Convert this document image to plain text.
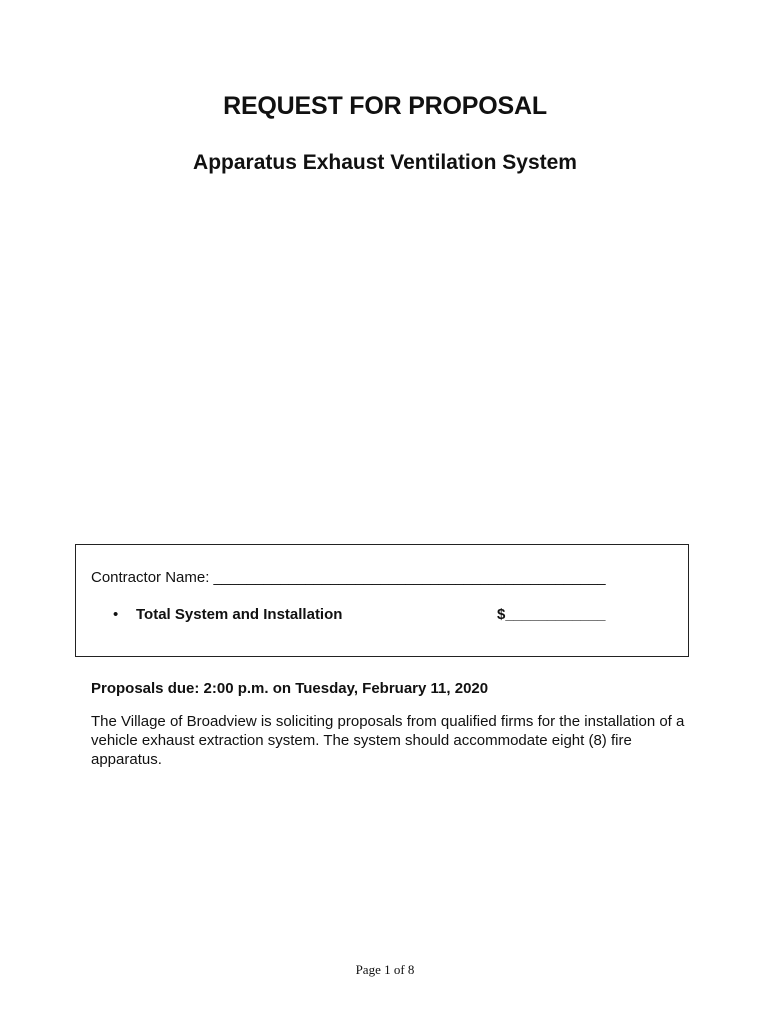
REQUEST FOR PROPOSAL
Apparatus Exhaust Ventilation System
Contractor Name: _______________________________________________
• Total System and Installation	$____________

Proposals due: 2:00 p.m. on Tuesday, February 11, 2020

The Village of Broadview is soliciting proposals from qualified firms for the installation of a vehicle exhaust extraction system. The system should accommodate eight (8) fire apparatus.

Page 1 of 8
